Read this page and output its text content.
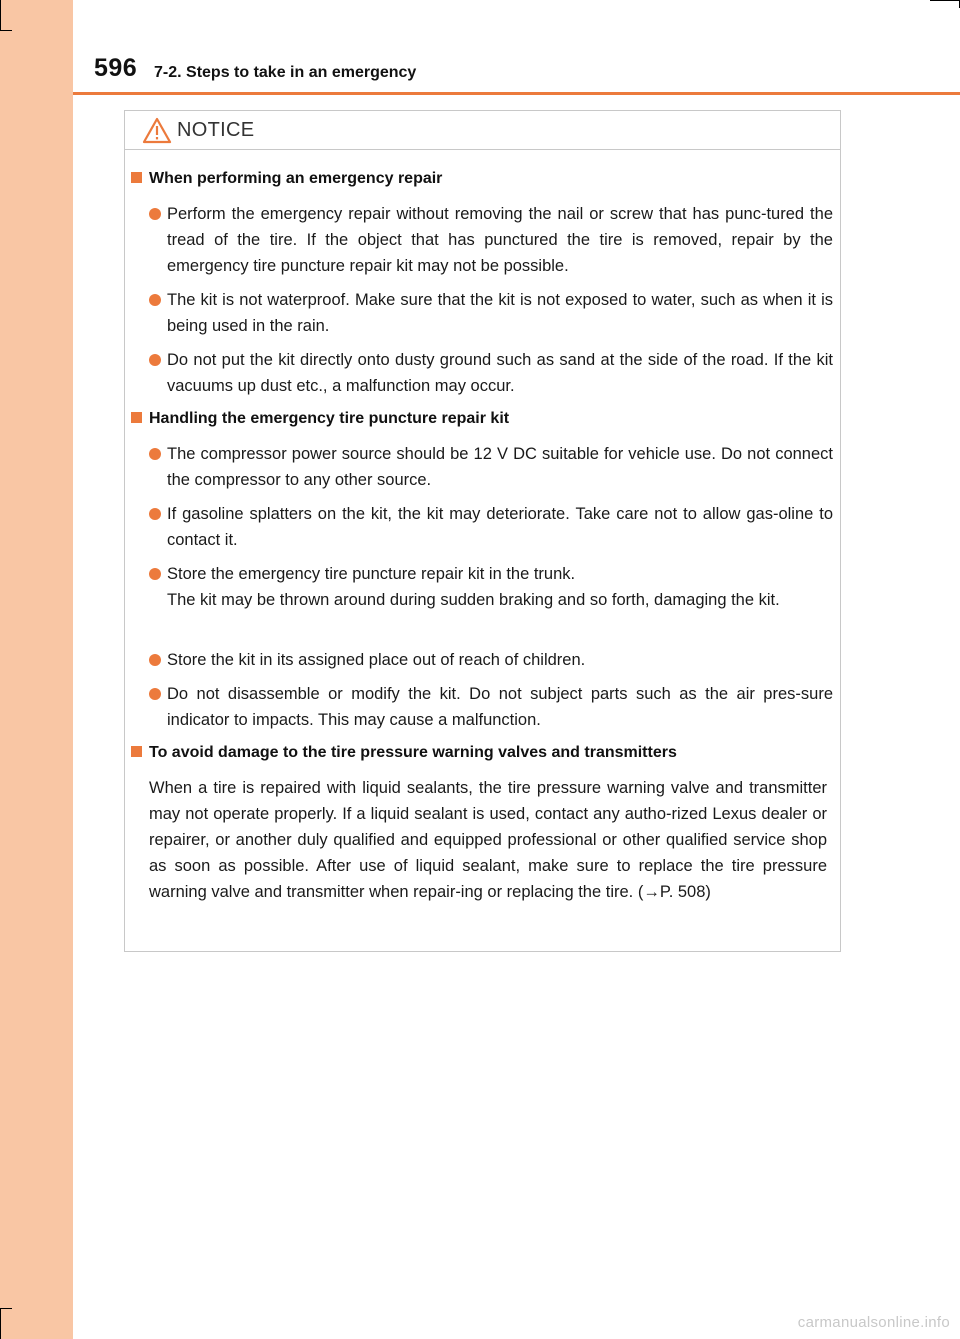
596 7-2. Steps to take in an emergency
NOTICE
When performing an emergency repair
Perform the emergency repair without removing the nail or screw that has punc-tured the tread of the tire. If the object that has punctured the tire is removed, repair by the emergency tire puncture repair kit may not be possible.
The kit is not waterproof. Make sure that the kit is not exposed to water, such as when it is being used in the rain.
Do not put the kit directly onto dusty ground such as sand at the side of the road. If the kit vacuums up dust etc., a malfunction may occur.
Handling the emergency tire puncture repair kit
The compressor power source should be 12 V DC suitable for vehicle use. Do not connect the compressor to any other source.
If gasoline splatters on the kit, the kit may deteriorate. Take care not to allow gas-oline to contact it.
Store the emergency tire puncture repair kit in the trunk.
The kit may be thrown around during sudden braking and so forth, damaging the kit.
Store the kit in its assigned place out of reach of children.
Do not disassemble or modify the kit. Do not subject parts such as the air pres-sure indicator to impacts. This may cause a malfunction.
To avoid damage to the tire pressure warning valves and transmitters
When a tire is repaired with liquid sealants, the tire pressure warning valve and transmitter may not operate properly. If a liquid sealant is used, contact any autho-rized Lexus dealer or repairer, or another duly qualified and equipped professional or other qualified service shop as soon as possible. After use of liquid sealant, make sure to replace the tire pressure warning valve and transmitter when repair-ing or replacing the tire. (→P. 508)
carmanualsonline.info
